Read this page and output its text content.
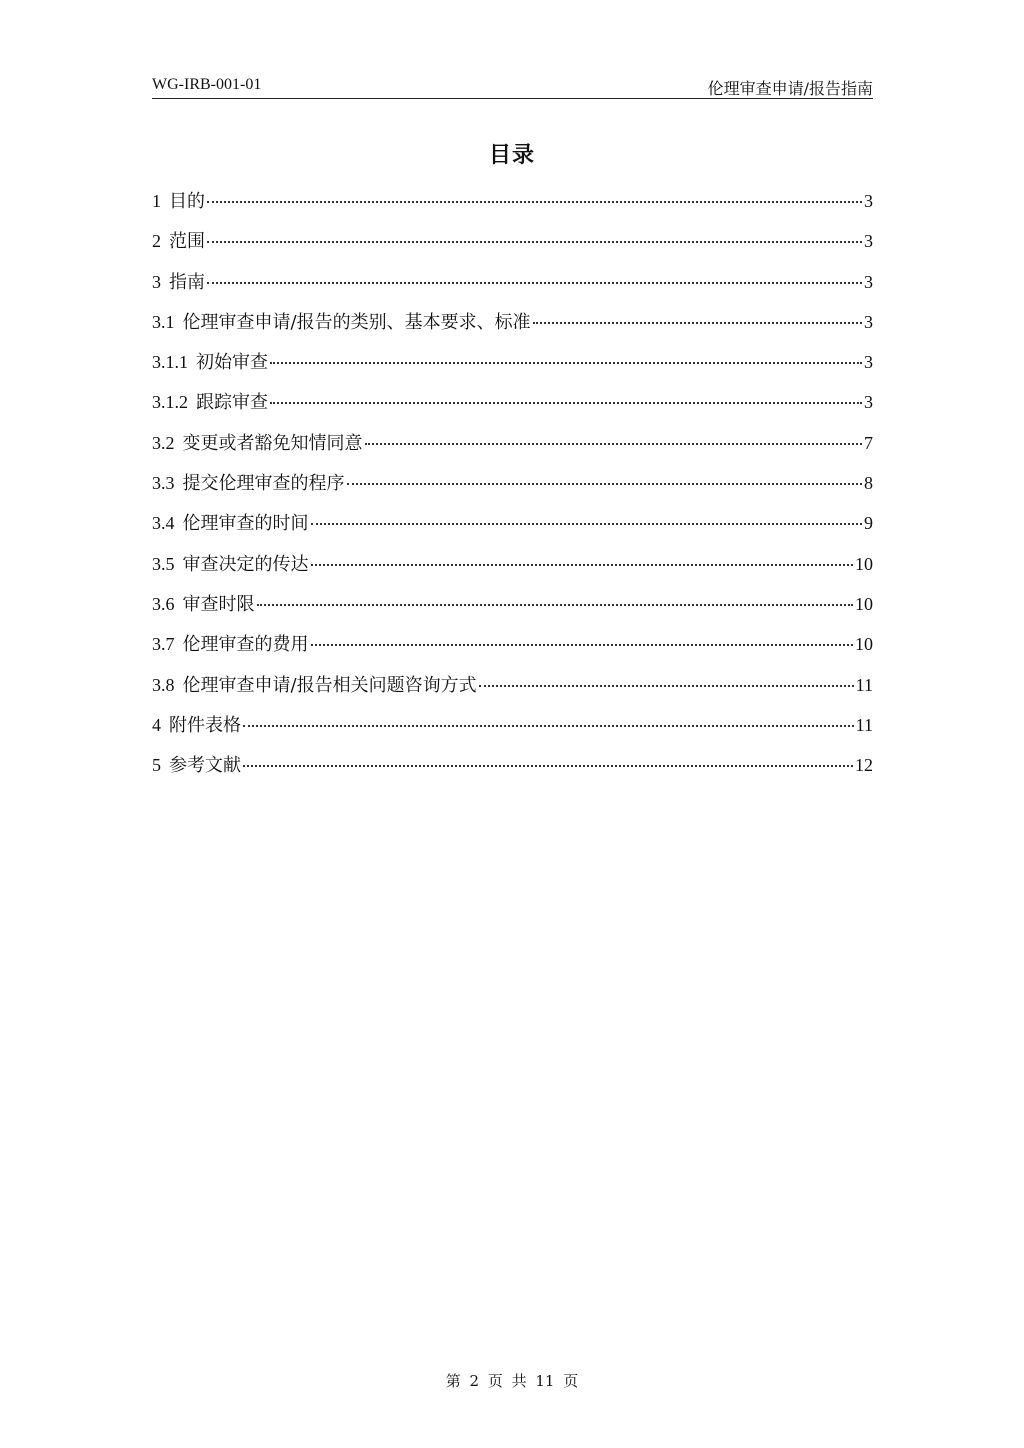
WG-IRB-001-01	伦理审查申请/报告指南
目录
1 目的	3
2 范围	3
3 指南	3
3.1 伦理审查申请/报告的类别、基本要求、标准	3
3.1.1 初始审查	3
3.1.2 跟踪审查	3
3.2 变更或者豁免知情同意	7
3.3 提交伦理审查的程序	8
3.4 伦理审查的时间	9
3.5 审查决定的传达	10
3.6 审查时限	10
3.7 伦理审查的费用	10
3.8 伦理审查申请/报告相关问题咨询方式	11
4 附件表格	11
5 参考文献	12
第 2 页 共 11 页
